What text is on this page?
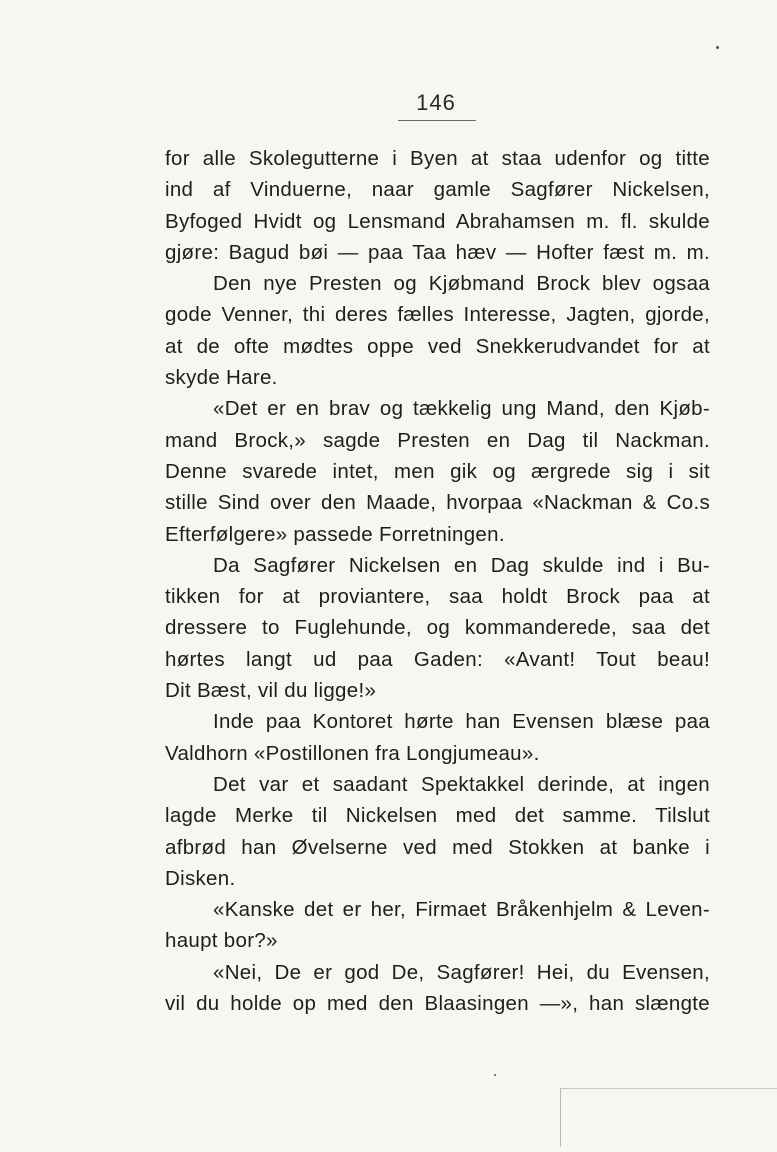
146
for alle Skolegutterne i Byen at staa udenfor og titte
ind af Vinduerne, naar gamle Sagfører Nickelsen,
Byfoged Hvidt og Lensmand Abrahamsen m. fl. skulde
gjøre: Bagud bøi — paa Taa hæv — Hofter fæst m. m.
Den nye Presten og Kjøbmand Brock blev ogsaa
gode Venner, thi deres fælles Interesse, Jagten, gjorde,
at de ofte mødtes oppe ved Snekkerudvandet for at
skyde Hare.
«Det er en brav og tækkelig ung Mand, den Kjøb-
mand Brock,» sagde Presten en Dag til Nackman.
Denne svarede intet, men gik og ærgrede sig i sit
stille Sind over den Maade, hvorpaa «Nackman & Co.s
Efterfølgere» passede Forretningen.
Da Sagfører Nickelsen en Dag skulde ind i Bu-
tikken for at proviantere, saa holdt Brock paa at
dressere to Fuglehunde, og kommanderede, saa det
hørtes langt ud paa Gaden: «Avant! Tout beau!
Dit Bæst, vil du ligge!»
Inde paa Kontoret hørte han Evensen blæse paa
Valdhorn «Postillonen fra Longjumeau».
Det var et saadant Spektakkel derinde, at ingen
lagde Merke til Nickelsen med det samme. Tilslut
afbrød han Øvelserne ved med Stokken at banke i
Disken.
«Kanske det er her, Firmaet Bråkenhjelm & Leven-
haupt bor?»
«Nei, De er god De, Sagfører! Hei, du Evensen,
vil du holde op med den Blaasingen —», han slængte
